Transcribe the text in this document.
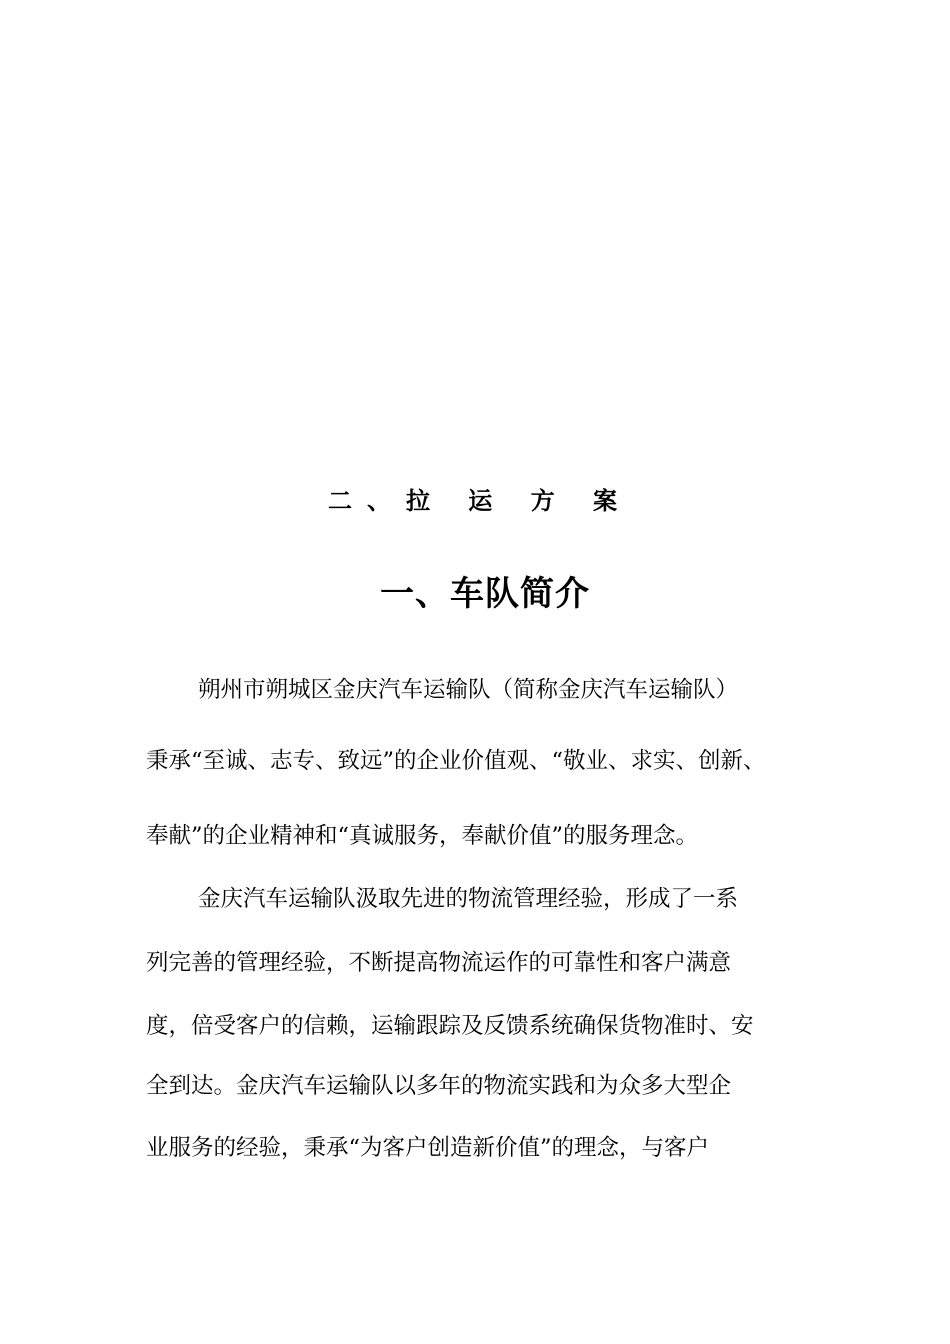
二、拉 运 方 案
一、车队简介
朔州市朔城区金庆汽车运输队（简称金庆汽车运输队）
秉承“至诚、志专、致远”的企业价值观、“敬业、求实、创新、
奉献”的企业精神和“真诚服务，奉献价值”的服务理念。
金庆汽车运输队汲取先进的物流管理经验，形成了一系
列完善的管理经验，不断提高物流运作的可靠性和客户满意
度，倍受客户的信赖，运输跟踪及反馈系统确保货物准时、安
全到达。金庆汽车运输队以多年的物流实践和为众多大型企
业服务的经验，秉承“为客户创造新价值”的理念，与客户
